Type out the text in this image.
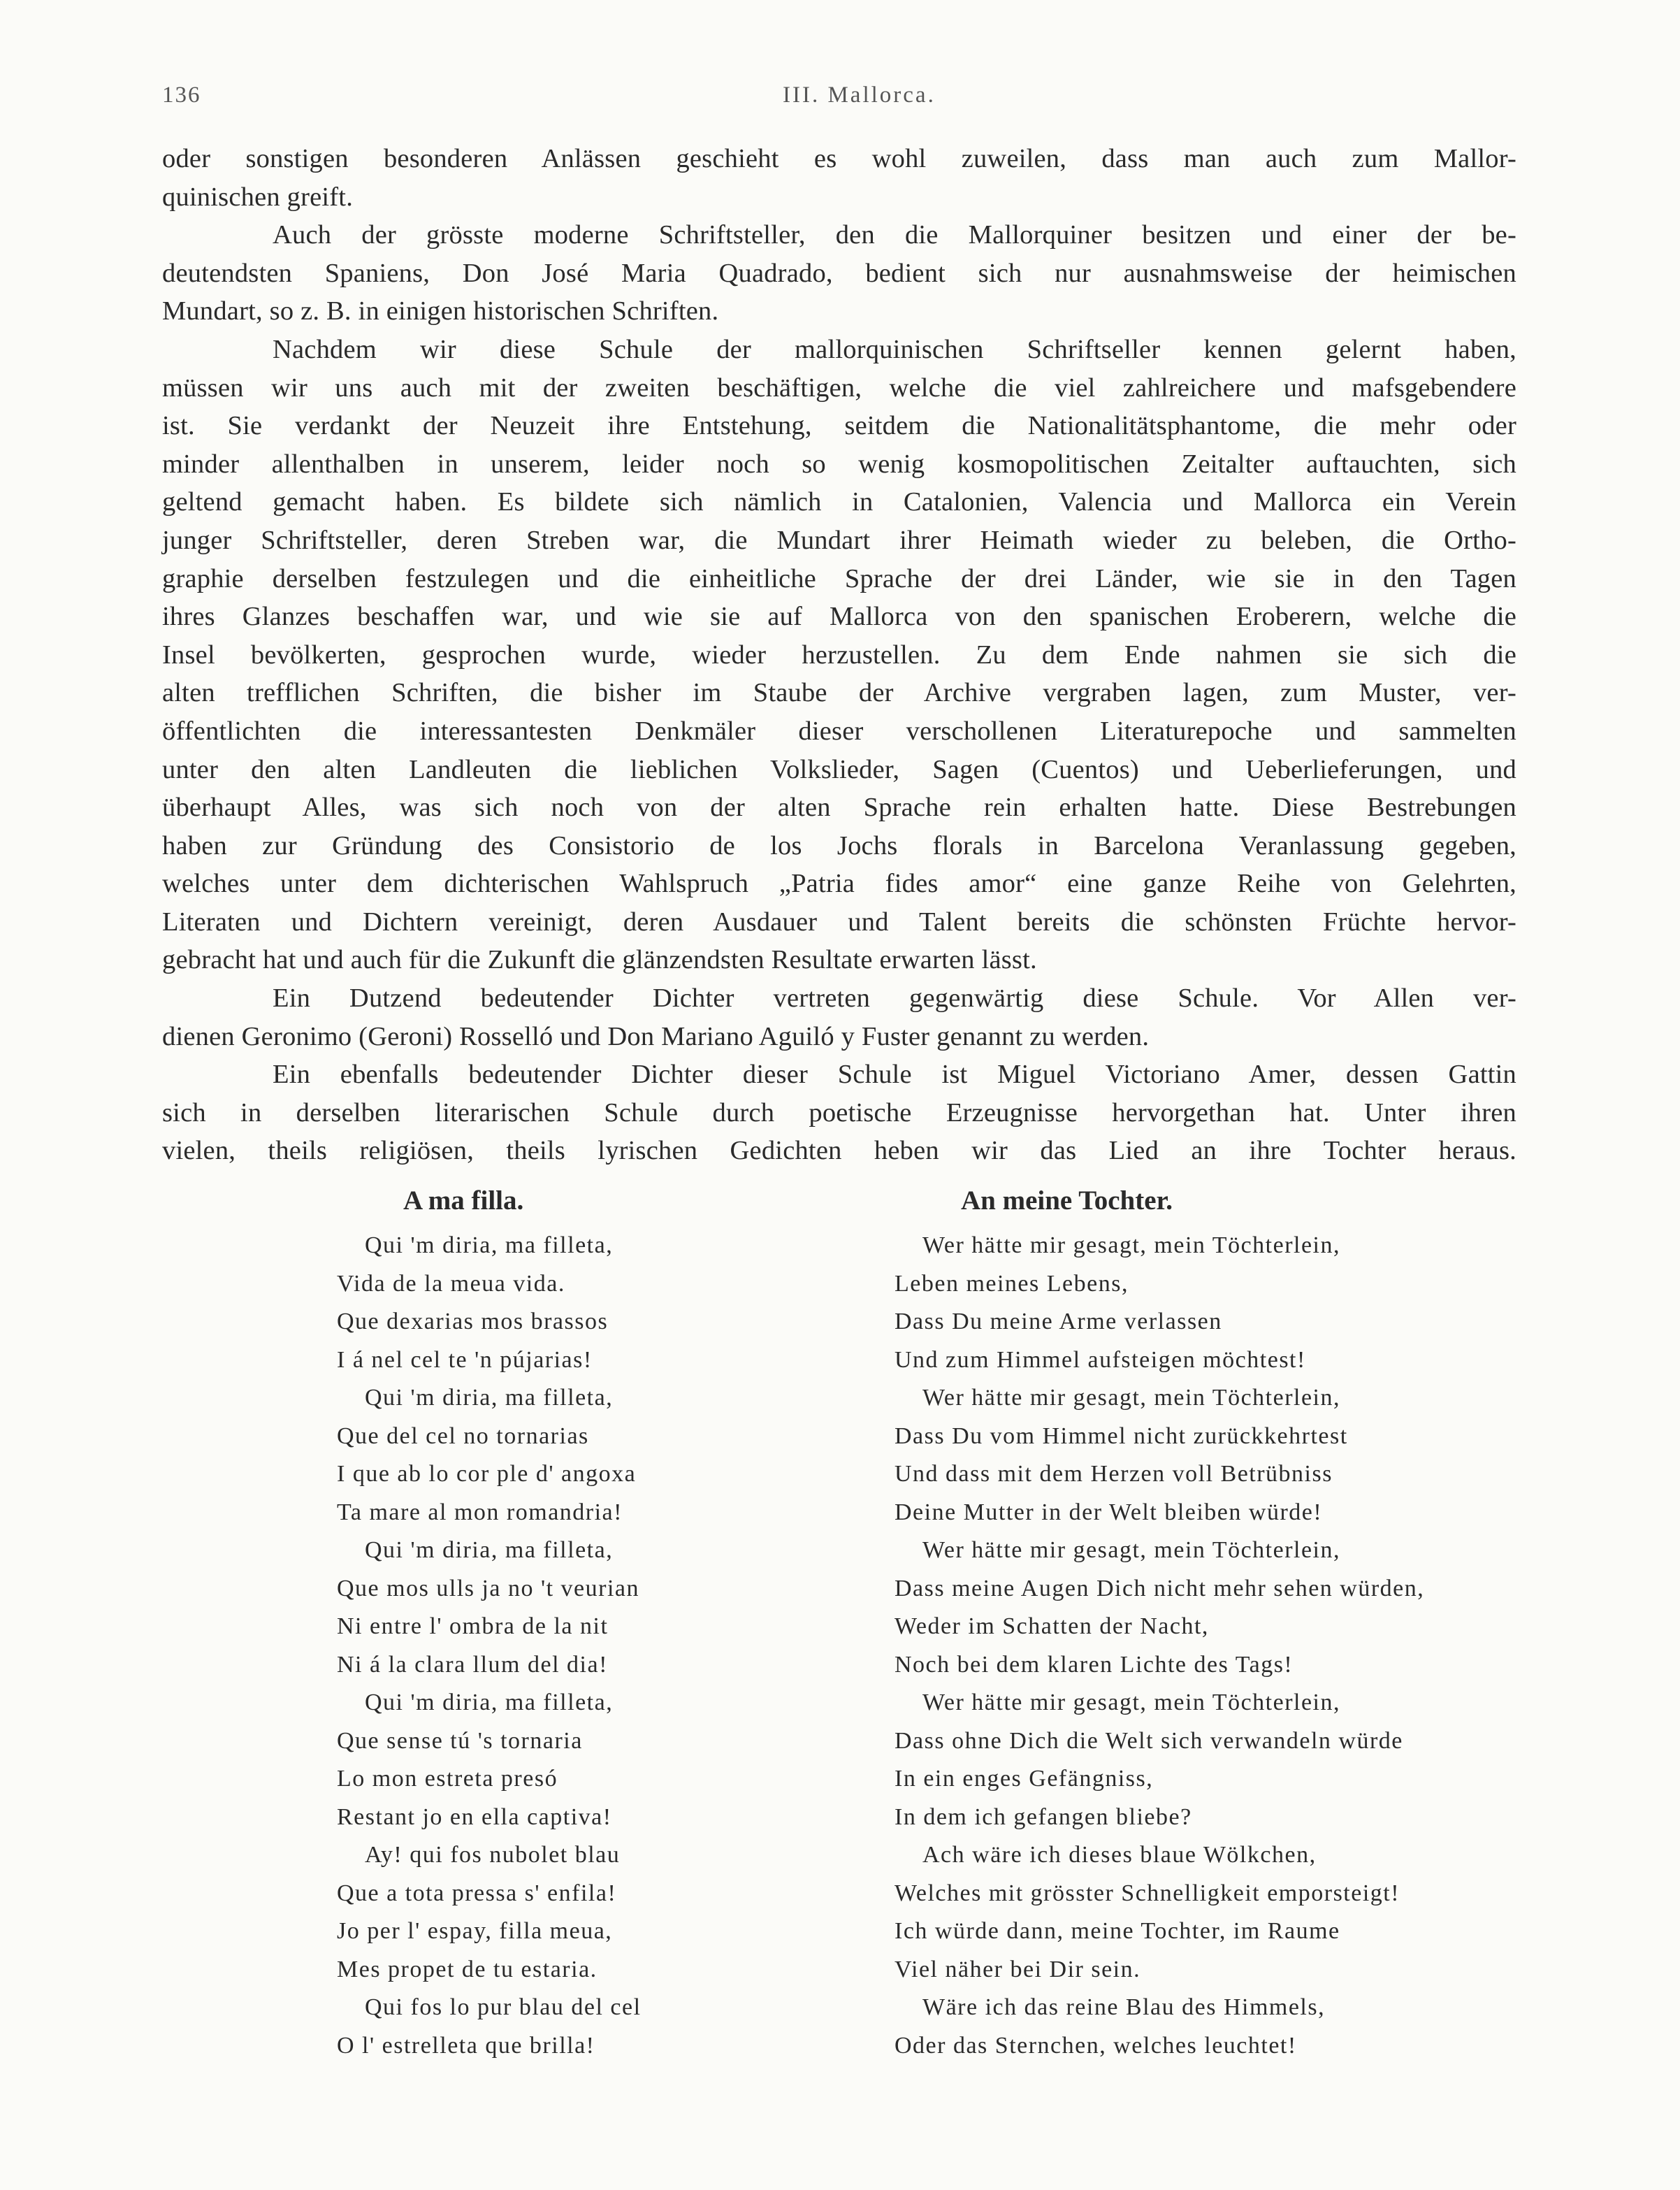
136	III. Mallorca.
oder sonstigen besonderen Anlässen geschieht es wohl zuweilen, dass man auch zum Mallor-
quinischen greift.
Auch der grösste moderne Schriftsteller, den die Mallorquiner besitzen und einer der be-
deutendsten Spaniens, Don José Maria Quadrado, bedient sich nur ausnahmsweise der heimischen
Mundart, so z. B. in einigen historischen Schriften.
Nachdem wir diese Schule der mallorquinischen Schriftseller kennen gelernt haben,
müssen wir uns auch mit der zweiten beschäftigen, welche die viel zahlreichere und mafsgebendere
ist. Sie verdankt der Neuzeit ihre Entstehung, seitdem die Nationalitätsphantome, die mehr oder
minder allenthalben in unserem, leider noch so wenig kosmopolitischen Zeitalter auftauchten, sich
geltend gemacht haben. Es bildete sich nämlich in Catalonien, Valencia und Mallorca ein Verein
junger Schriftsteller, deren Streben war, die Mundart ihrer Heimath wieder zu beleben, die Ortho-
graphie derselben festzulegen und die einheitliche Sprache der drei Länder, wie sie in den Tagen
ihres Glanzes beschaffen war, und wie sie auf Mallorca von den spanischen Eroberern, welche die
Insel bevölkerten, gesprochen wurde, wieder herzustellen. Zu dem Ende nahmen sie sich die
alten trefflichen Schriften, die bisher im Staube der Archive vergraben lagen, zum Muster, ver-
öffentlichten die interessantesten Denkmäler dieser verschollenen Literaturepoche und sammelten
unter den alten Landleuten die lieblichen Volkslieder, Sagen (Cuentos) und Ueberlieferungen, und
überhaupt Alles, was sich noch von der alten Sprache rein erhalten hatte. Diese Bestrebungen
haben zur Gründung des Consistorio de los Jochs florals in Barcelona Veranlassung gegeben,
welches unter dem dichterischen Wahlspruch „Patria fides amor“ eine ganze Reihe von Gelehrten,
Literaten und Dichtern vereinigt, deren Ausdauer und Talent bereits die schönsten Früchte hervor-
gebracht hat und auch für die Zukunft die glänzendsten Resultate erwarten lässt.
Ein Dutzend bedeutender Dichter vertreten gegenwärtig diese Schule. Vor Allen ver-
dienen Geronimo (Geroni) Rosselló und Don Mariano Aguiló y Fuster genannt zu werden.
Ein ebenfalls bedeutender Dichter dieser Schule ist Miguel Victoriano Amer, dessen Gattin
sich in derselben literarischen Schule durch poetische Erzeugnisse hervorgethan hat. Unter ihren
vielen, theils religiösen, theils lyrischen Gedichten heben wir das Lied an ihre Tochter heraus.
A ma filla.
Qui 'm diria, ma filleta,
Vida de la meua vida.
Que dexarias mos brassos
I á nel cel te 'n pújarias!
Qui 'm diria, ma filleta,
Que del cel no tornarias
I que ab lo cor ple d' angoxa
Ta mare al mon romandria!
Qui 'm diria, ma filleta,
Que mos ulls ja no 't veurian
Ni entre l' ombra de la nit
Ni á la clara llum del dia!
Qui 'm diria, ma filleta,
Que sense tú 's tornaria
Lo mon estreta presó
Restant jo en ella captiva!
Ay! qui fos nubolet blau
Que a tota pressa s' enfila!
Jo per l' espay, filla meua,
Mes propet de tu estaria.
Qui fos lo pur blau del cel
O l' estrelleta que brilla!
An meine Tochter.
Wer hätte mir gesagt, mein Töchterlein,
Leben meines Lebens,
Dass Du meine Arme verlassen
Und zum Himmel aufsteigen möchtest!
Wer hätte mir gesagt, mein Töchterlein,
Dass Du vom Himmel nicht zurückkehrtest
Und dass mit dem Herzen voll Betrübniss
Deine Mutter in der Welt bleiben würde!
Wer hätte mir gesagt, mein Töchterlein,
Dass meine Augen Dich nicht mehr sehen würden,
Weder im Schatten der Nacht,
Noch bei dem klaren Lichte des Tags!
Wer hätte mir gesagt, mein Töchterlein,
Dass ohne Dich die Welt sich verwandeln würde
In ein enges Gefängniss,
In dem ich gefangen bliebe?
Ach wäre ich dieses blaue Wölkchen,
Welches mit grösster Schnelligkeit emporsteigt!
Ich würde dann, meine Tochter, im Raume
Viel näher bei Dir sein.
Wäre ich das reine Blau des Himmels,
Oder das Sternchen, welches leuchtet!
